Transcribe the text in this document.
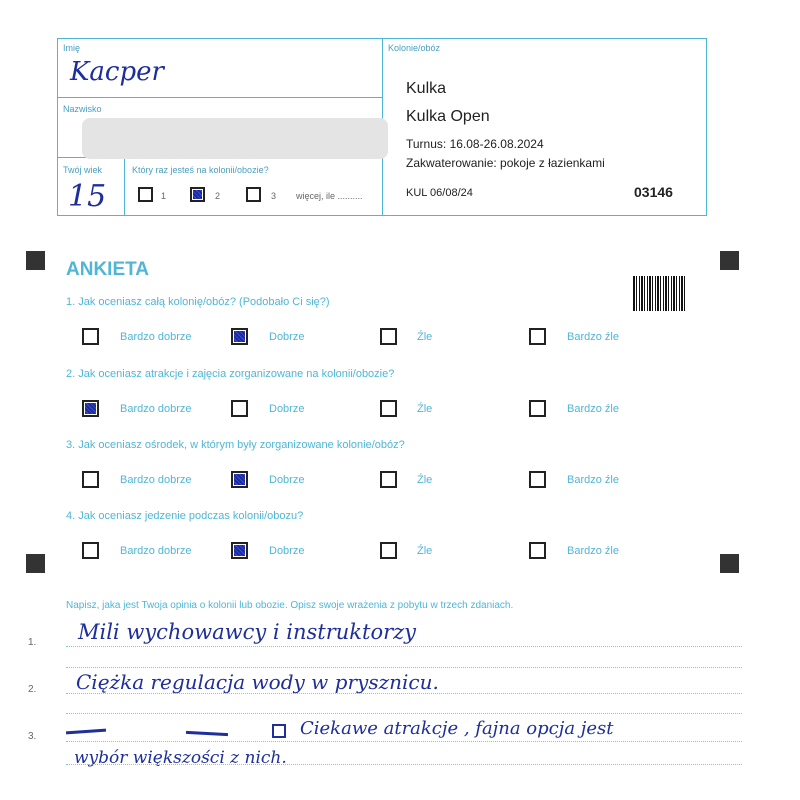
Imię
Kacper
Nazwisko
Twój wiek
15
Który raz jesteś na kolonii/obozie?
1	2	3 więcej, ile ..........
Kolonie/obóz
Kulka
Kulka Open
Turnus: 16.08-26.08.2024
Zakwaterowanie: pokoje z łazienkami
KUL 06/08/24	03146
ANKIETA
1. Jak oceniasz całą kolonię/obóz? (Podobało Ci się?)
Bardzo dobrze	Dobrze	Źle	Bardzo źle
2. Jak oceniasz atrakcje i zajęcia zorganizowane na kolonii/obozie?
Bardzo dobrze	Dobrze	Źle	Bardzo źle
3. Jak oceniasz ośrodek, w którym były zorganizowane kolonie/obóz?
Bardzo dobrze	Dobrze	Źle	Bardzo źle
4. Jak oceniasz jedzenie podczas kolonii/obozu?
Bardzo dobrze	Dobrze	Źle	Bardzo źle
Napisz, jaka jest Twoja opinia o kolonii lub obozie. Opisz swoje wrażenia z pobytu w trzech zdaniach.
1. Mili wychowawcy i instruktorzy
2. Ciężka regulacja wody w prysznicu.
3.	Ciekawe atrakcje , fajna opcja jest
wybór większości z nich.
